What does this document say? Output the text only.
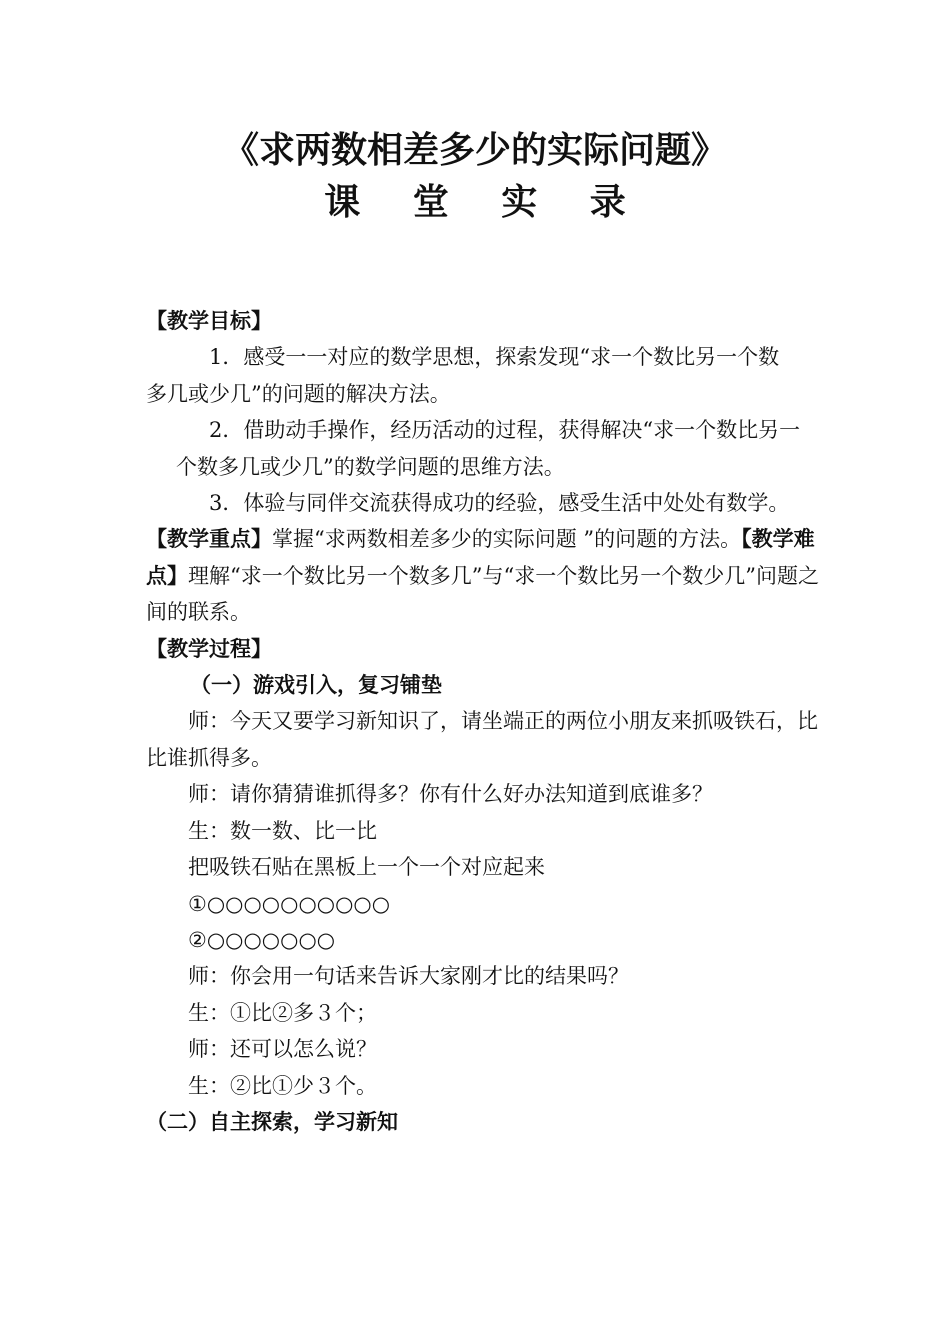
《求两数相差多少的实际问题》
课 堂 实 录

【教学目标】

1．感受一一对应的数学思想，探索发现“求一个数比另一个数

多几或少几”的问题的解决方法。

2．借助动手操作，经历活动的过程，获得解决“求一个数比另一

个数多几或少几”的数学问题的思维方法。

3．体验与同伴交流获得成功的经验，感受生活中处处有数学。

【教学重点】掌握“求两数相差多少的实际问题 ”的问题的方法。【教学难点】理解“求一个数比另一个数多几”与“求一个数比另一个数少几”问题之间的联系。

【教学过程】

（一）游戏引入，复习铺垫

师：今天又要学习新知识了，请坐端正的两位小朋友来抓吸铁石，比比谁抓得多。

师：请你猜猜谁抓得多？你有什么好办法知道到底谁多？

生：数一数、比一比

把吸铁石贴在黑板上一个一个对应起来

①○○○○○○○○○○

②○○○○○○○

师：你会用一句话来告诉大家刚才比的结果吗？

生：①比②多３个；

师：还可以怎么说？

生：②比①少３个。

（二）自主探索，学习新知
